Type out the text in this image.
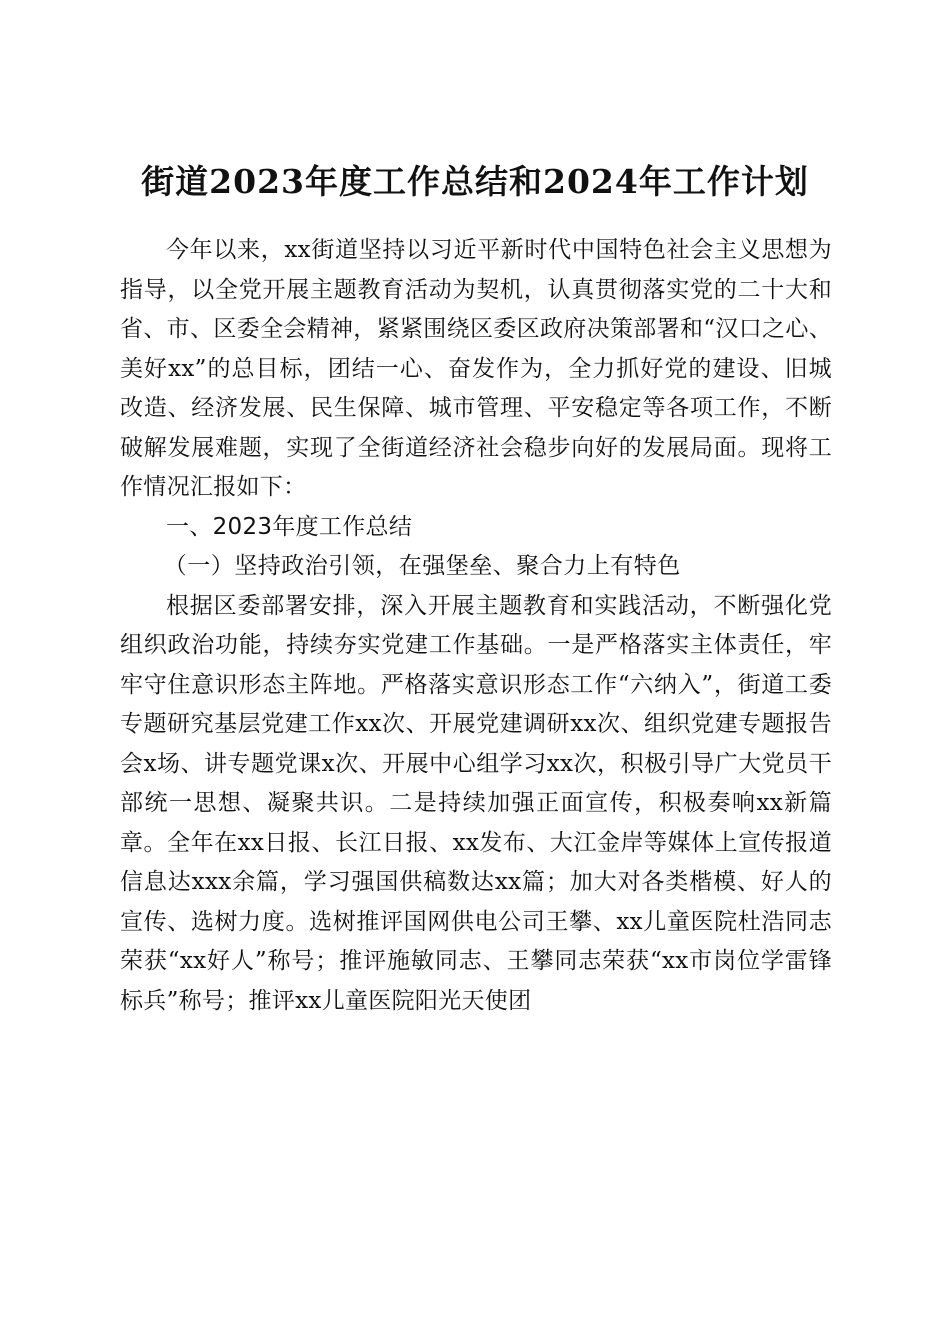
街道2023年度工作总结和2024年工作计划

今年以来，xx街道坚持以习近平新时代中国特色社会主义思想为指导，以全党开展主题教育活动为契机，认真贯彻落实党的二十大和省、市、区委全会精神，紧紧围绕区委区政府决策部署和“汉口之心、美好xx”的总目标，团结一心、奋发作为，全力抓好党的建设、旧城改造、经济发展、民生保障、城市管理、平安稳定等各项工作，不断破解发展难题，实现了全街道经济社会稳步向好的发展局面。现将工作情况汇报如下：

一、2023年度工作总结
（一）坚持政治引领，在强堡垒、聚合力上有特色

根据区委部署安排，深入开展主题教育和实践活动，不断强化党组织政治功能，持续夯实党建工作基础。一是严格落实主体责任，牢牢守住意识形态主阵地。严格落实意识形态工作“六纳入”，街道工委专题研究基层党建工作xx次、开展党建调研xx次、组织党建专题报告会x场、讲专题党课x次、开展中心组学习xx次，积极引导广大党员干部统一思想、凝聚共识。二是持续加强正面宣传，积极奏响xx新篇章。全年在xx日报、长江日报、xx发布、大江金岸等媒体上宣传报道信息达xxx余篇，学习强国供稿数达xx篇；加大对各类楷模、好人的宣传、选树力度。选树推评国网供电公司王攀、xx儿童医院杜浩同志荣获“xx好人”称号；推评施敏同志、王攀同志荣获“xx市岗位学雷锋标兵”称号；推评xx儿童医院阳光天使团
